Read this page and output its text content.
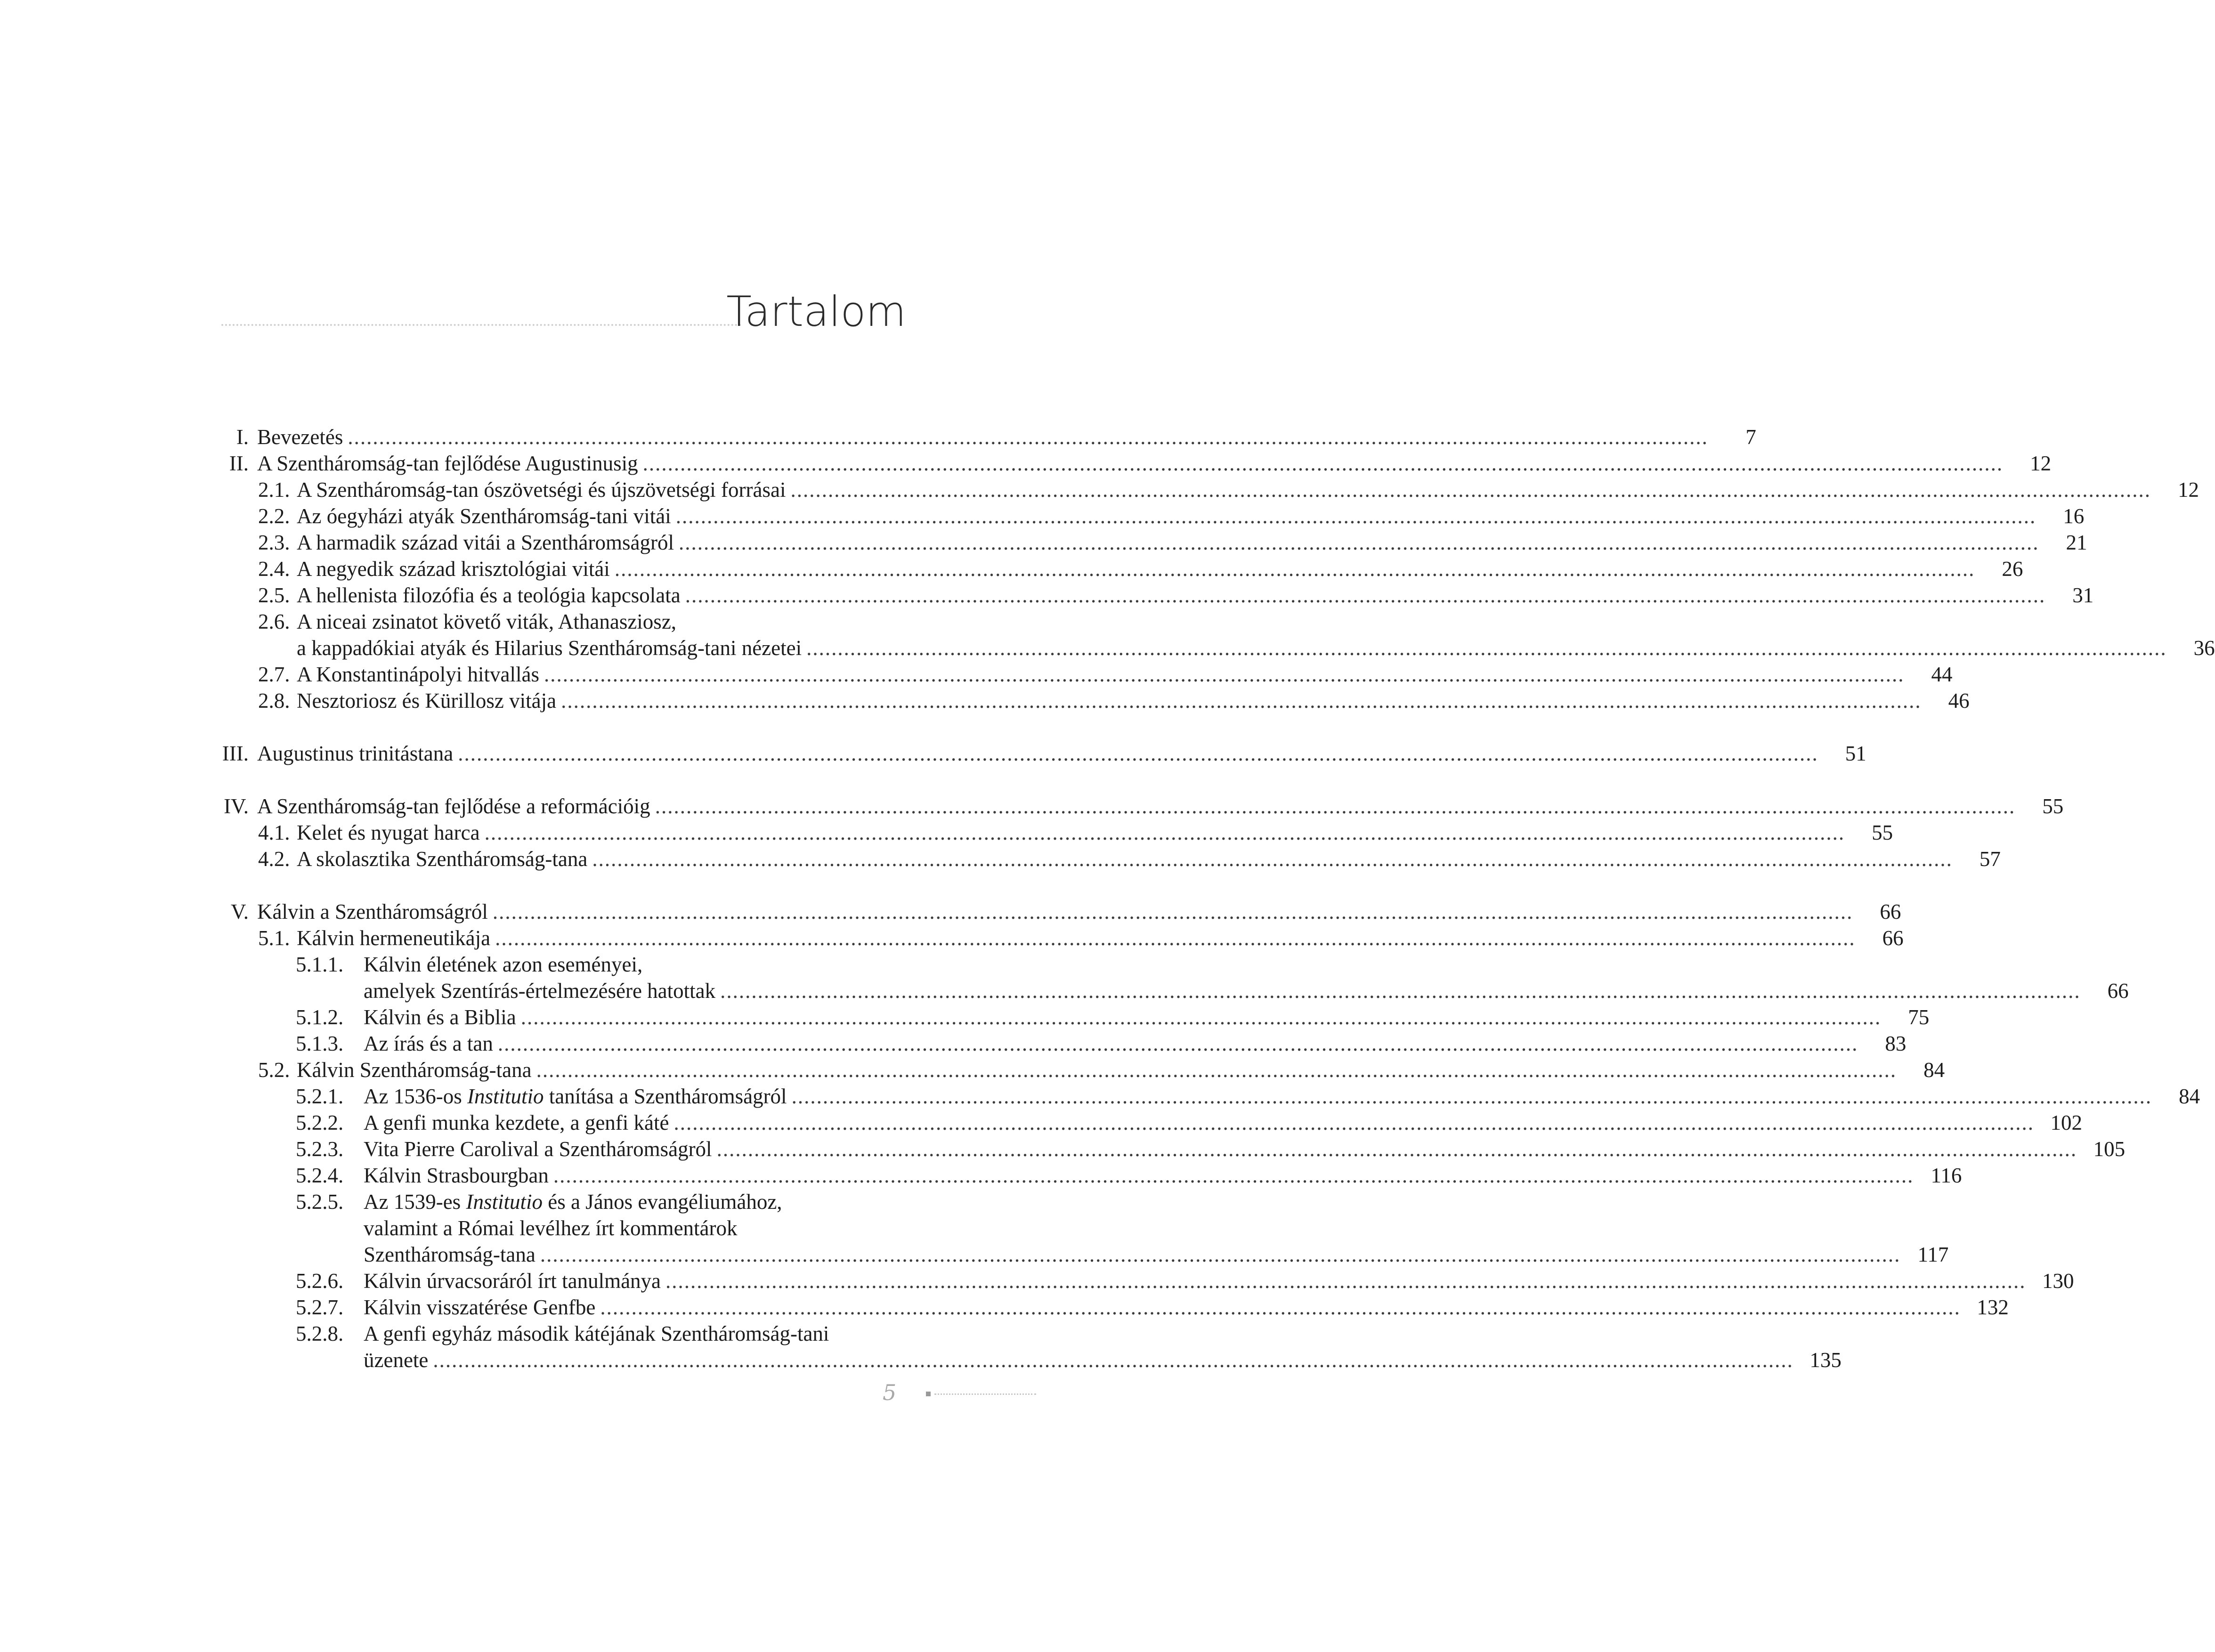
Tartalom
I. Bevezetés .....	7
II. A Szentháromság-tan fejlődése Augustinusig .....	12
2.1. A Szentháromság-tan ószövetségi és újszövetségi forrásai .....	12
2.2. Az óegyházi atyák Szentháromság-tani vitái .....	16
2.3. A harmadik század vitái a Szentháromságról .....	21
2.4. A negyedik század krisztológiai vitái .....	26
2.5. A hellenista filozófia és a teológia kapcsolata .....	31
2.6. A niceai zsinatot követő viták, Athanasziosz,
a kappadókiai atyák és Hilarius Szentháromság-tani nézetei .....	36
2.7. A Konstantinápolyi hitvallás .....	44
2.8. Nesztoriosz és Kürillosz vitája .....	46
III. Augustinus trinitástana .....	51
IV. A Szentháromság-tan fejlődése a reformációig .....	55
4.1. Kelet és nyugat harca .....	55
4.2. A skolasztika Szentháromság-tana .....	57
V. Kálvin a Szentháromságról .....	66
5.1. Kálvin hermeneutikája .....	66
5.1.1. Kálvin életének azon eseményei,
amelyek Szentírás-értelmezésére hatottak .....	66
5.1.2. Kálvin és a Biblia .....	75
5.1.3. Az írás és a tan .....	83
5.2. Kálvin Szentháromság-tana .....	84
5.2.1. Az 1536-os Institutio tanítása a Szentháromságról .....	84
5.2.2. A genfi munka kezdete, a genfi káté .....	102
5.2.3. Vita Pierre Carolival a Szentháromságról .....	105
5.2.4. Kálvin Strasbourgban .....	116
5.2.5. Az 1539-es Institutio és a János evangéliumához,
valamint a Római levélhez írt kommentárok
Szentháromság-tana .....	117
5.2.6. Kálvin úrvacsoráról írt tanulmánya .....	130
5.2.7. Kálvin visszatérése Genfbe .....	132
5.2.8. A genfi egyház második kátéjának Szentháromság-tani
üzenete .....	135
5
